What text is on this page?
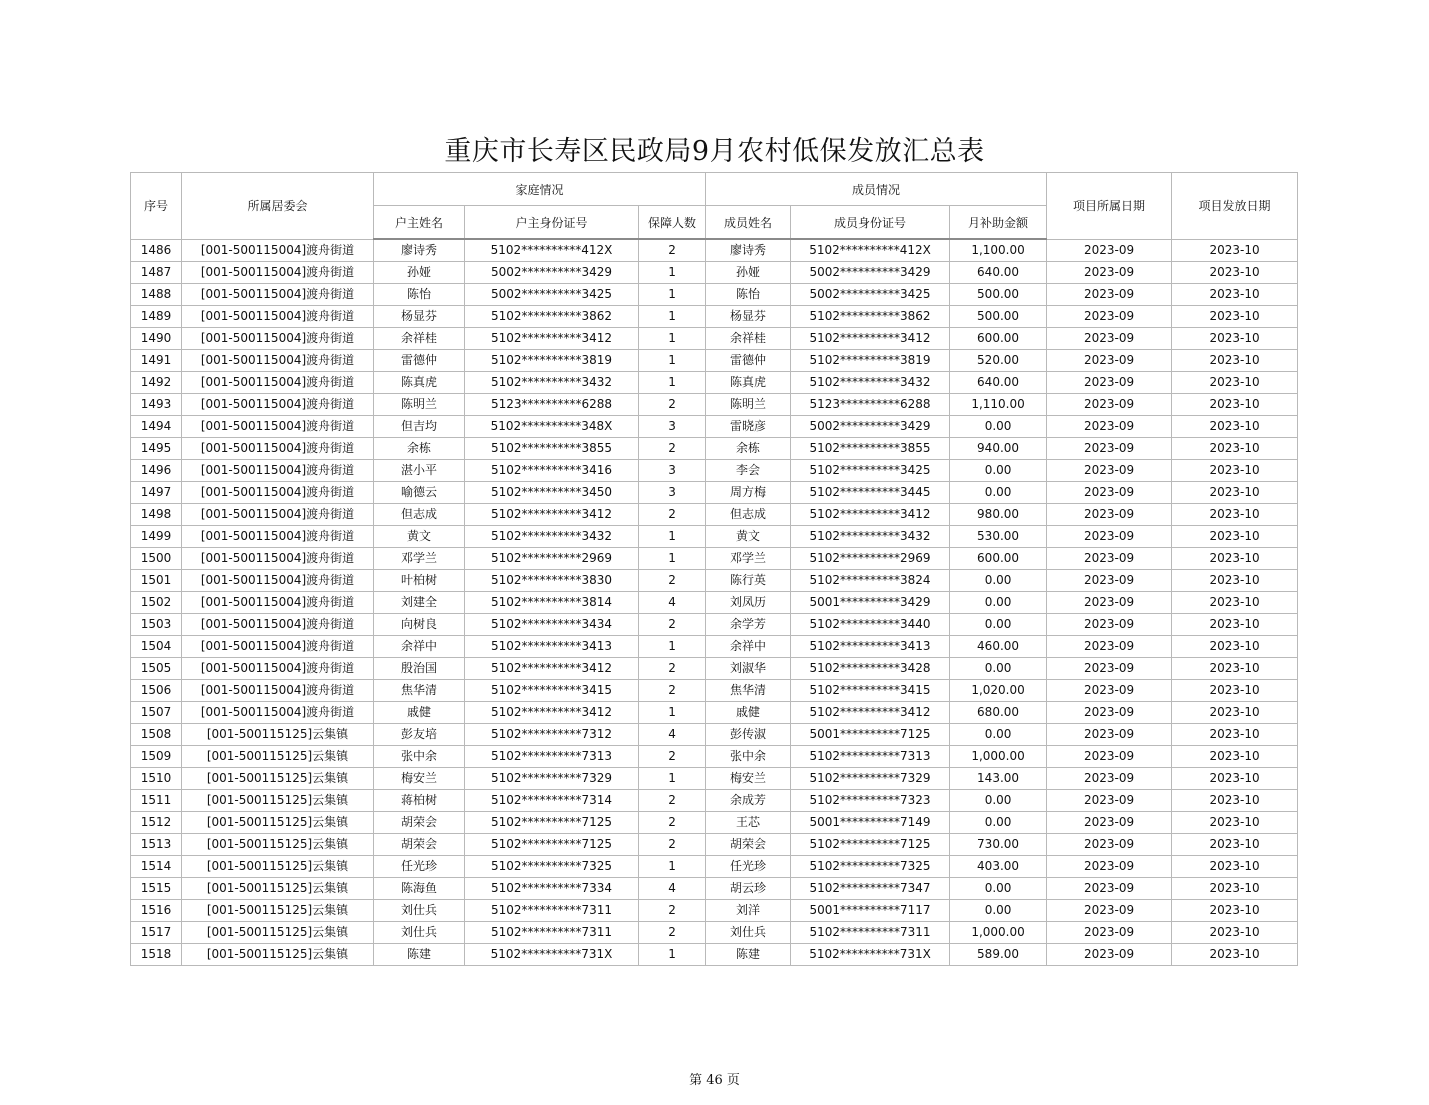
重庆市长寿区民政局9月农村低保发放汇总表
序号	所属居委会	家庭情况			成员情况			项目所属日期	项目发放日期
		户主姓名	户主身份证号	保障人数	成员姓名	成员身份证号	月补助金额		
1486	[001-500115004]渡舟街道	廖诗秀	5102**********412X	2	廖诗秀	5102**********412X	1,100.00	2023-09	2023-10
1487	[001-500115004]渡舟街道	孙娅	5002**********3429	1	孙娅	5002**********3429	640.00	2023-09	2023-10
1488	[001-500115004]渡舟街道	陈怡	5002**********3425	1	陈怡	5002**********3425	500.00	2023-09	2023-10
1489	[001-500115004]渡舟街道	杨显芬	5102**********3862	1	杨显芬	5102**********3862	500.00	2023-09	2023-10
1490	[001-500115004]渡舟街道	余祥桂	5102**********3412	1	余祥桂	5102**********3412	600.00	2023-09	2023-10
1491	[001-500115004]渡舟街道	雷德仲	5102**********3819	1	雷德仲	5102**********3819	520.00	2023-09	2023-10
1492	[001-500115004]渡舟街道	陈真虎	5102**********3432	1	陈真虎	5102**********3432	640.00	2023-09	2023-10
1493	[001-500115004]渡舟街道	陈明兰	5123**********6288	2	陈明兰	5123**********6288	1,110.00	2023-09	2023-10
1494	[001-500115004]渡舟街道	但吉均	5102**********348X	3	雷晓彦	5002**********3429	0.00	2023-09	2023-10
1495	[001-500115004]渡舟街道	余栋	5102**********3855	2	余栋	5102**********3855	940.00	2023-09	2023-10
1496	[001-500115004]渡舟街道	湛小平	5102**********3416	3	李会	5102**********3425	0.00	2023-09	2023-10
1497	[001-500115004]渡舟街道	喻德云	5102**********3450	3	周方梅	5102**********3445	0.00	2023-09	2023-10
1498	[001-500115004]渡舟街道	但志成	5102**********3412	2	但志成	5102**********3412	980.00	2023-09	2023-10
1499	[001-500115004]渡舟街道	黄文	5102**********3432	1	黄文	5102**********3432	530.00	2023-09	2023-10
1500	[001-500115004]渡舟街道	邓学兰	5102**********2969	1	邓学兰	5102**********2969	600.00	2023-09	2023-10
1501	[001-500115004]渡舟街道	叶柏树	5102**********3830	2	陈行英	5102**********3824	0.00	2023-09	2023-10
1502	[001-500115004]渡舟街道	刘建全	5102**********3814	4	刘凤历	5001**********3429	0.00	2023-09	2023-10
1503	[001-500115004]渡舟街道	向树良	5102**********3434	2	余学芳	5102**********3440	0.00	2023-09	2023-10
1504	[001-500115004]渡舟街道	余祥中	5102**********3413	1	余祥中	5102**********3413	460.00	2023-09	2023-10
1505	[001-500115004]渡舟街道	殷治国	5102**********3412	2	刘淑华	5102**********3428	0.00	2023-09	2023-10
1506	[001-500115004]渡舟街道	焦华清	5102**********3415	2	焦华清	5102**********3415	1,020.00	2023-09	2023-10
1507	[001-500115004]渡舟街道	戚健	5102**********3412	1	戚健	5102**********3412	680.00	2023-09	2023-10
1508	[001-500115125]云集镇	彭友培	5102**********7312	4	彭传淑	5001**********7125	0.00	2023-09	2023-10
1509	[001-500115125]云集镇	张中余	5102**********7313	2	张中余	5102**********7313	1,000.00	2023-09	2023-10
1510	[001-500115125]云集镇	梅安兰	5102**********7329	1	梅安兰	5102**********7329	143.00	2023-09	2023-10
1511	[001-500115125]云集镇	蒋柏树	5102**********7314	2	余成芳	5102**********7323	0.00	2023-09	2023-10
1512	[001-500115125]云集镇	胡荣会	5102**********7125	2	王芯	5001**********7149	0.00	2023-09	2023-10
1513	[001-500115125]云集镇	胡荣会	5102**********7125	2	胡荣会	5102**********7125	730.00	2023-09	2023-10
1514	[001-500115125]云集镇	任光珍	5102**********7325	1	任光珍	5102**********7325	403.00	2023-09	2023-10
1515	[001-500115125]云集镇	陈海鱼	5102**********7334	4	胡云珍	5102**********7347	0.00	2023-09	2023-10
1516	[001-500115125]云集镇	刘仕兵	5102**********7311	2	刘洋	5001**********7117	0.00	2023-09	2023-10
1517	[001-500115125]云集镇	刘仕兵	5102**********7311	2	刘仕兵	5102**********7311	1,000.00	2023-09	2023-10
1518	[001-500115125]云集镇	陈建	5102**********731X	1	陈建	5102**********731X	589.00	2023-09	2023-10
第 46 页
